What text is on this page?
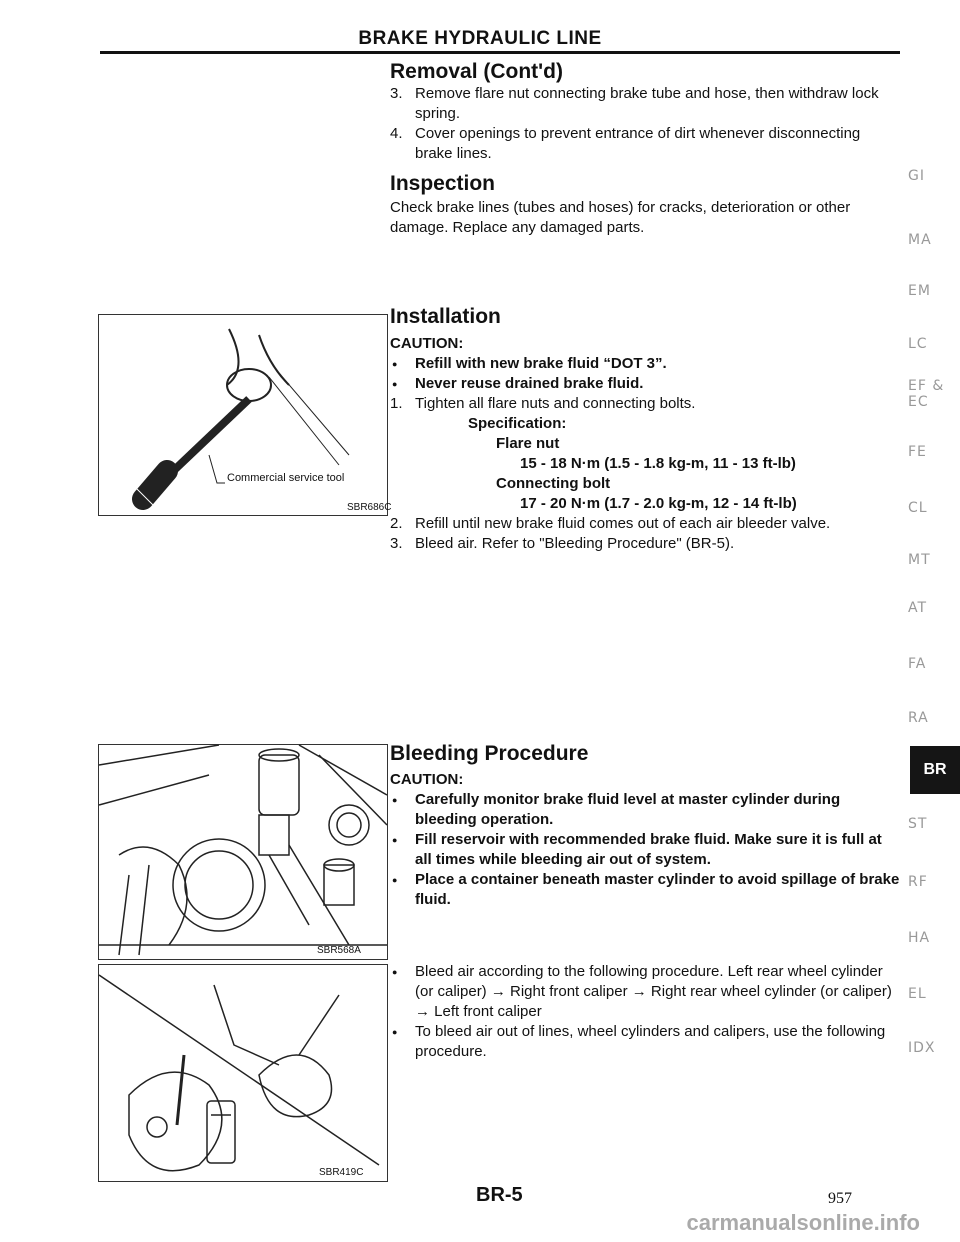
BRAKE HYDRAULIC LINE
Removal (Cont'd)
3. Remove flare nut connecting brake tube and hose, then withdraw lock spring.
4. Cover openings to prevent entrance of dirt whenever disconnecting brake lines.
Inspection
Check brake lines (tubes and hoses) for cracks, deterioration or other damage. Replace any damaged parts.
Installation
CAUTION:
● Refill with new brake fluid “DOT 3”.
● Never reuse drained brake fluid.
1. Tighten all flare nuts and connecting bolts.
Specification:
Flare nut
15 - 18 N·m (1.5 - 1.8 kg-m, 11 - 13 ft-lb)
Connecting bolt
17 - 20 N·m (1.7 - 2.0 kg-m, 12 - 14 ft-lb)
2. Refill until new brake fluid comes out of each air bleeder valve.
3. Bleed air. Refer to "Bleeding Procedure" (BR-5).
Bleeding Procedure
CAUTION:
● Carefully monitor brake fluid level at master cylinder during bleeding operation.
● Fill reservoir with recommended brake fluid. Make sure it is full at all times while bleeding air out of system.
● Place a container beneath master cylinder to avoid spillage of brake fluid.
● Bleed air according to the following procedure. Left rear wheel cylinder (or caliper) → Right front caliper → Right rear wheel cylinder (or caliper) → Left front caliper
● To bleed air out of lines, wheel cylinders and calipers, use the following procedure.
Commercial service tool
SBR686C
SBR568A
SBR419C
GI
MA
EM
LC
EF & EC
FE
CL
MT
AT
FA
RA
BR
ST
RF
HA
EL
IDX
BR-5	957
carmanualsonline.info
